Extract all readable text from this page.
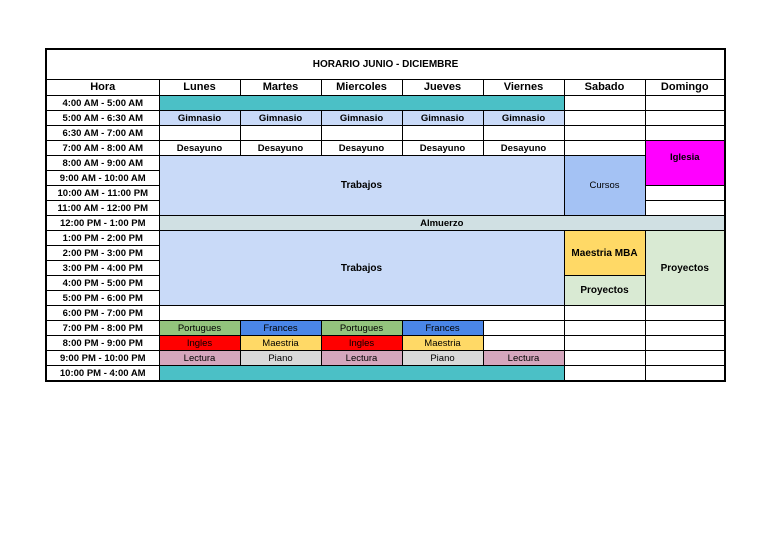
HORARIO JUNIO - DICIEMBRE							
Hora	Lunes	Martes	Miercoles	Jueves	Viernes	Sabado	Domingo
4:00 AM - 5:00 AM							
5:00 AM - 6:30 AM	Gimnasio	Gimnasio	Gimnasio	Gimnasio	Gimnasio		
6:30 AM - 7:00 AM							
7:00 AM - 8:00 AM	Desayuno	Desayuno	Desayuno	Desayuno	Desayuno		Iglesia
8:00 AM - 9:00 AM	Trabajos					Cursos	
9:00 AM - 10:00 AM							
10:00 AM - 11:00 PM							
11:00 AM - 12:00 PM							
12:00 PM - 1:00 PM	Almuerzo						
1:00 PM - 2:00 PM	Trabajos					Maestria MBA	Proyectos
2:00 PM - 3:00 PM							
3:00 PM - 4:00 PM							
4:00 PM - 5:00 PM						Proyectos	
5:00 PM - 6:00 PM							
6:00 PM - 7:00 PM							
7:00 PM - 8:00 PM	Portugues	Frances	Portugues	Frances			
8:00 PM - 9:00 PM	Ingles	Maestria	Ingles	Maestria			
9:00 PM - 10:00 PM	Lectura	Piano	Lectura	Piano	Lectura		
10:00 PM - 4:00 AM							
